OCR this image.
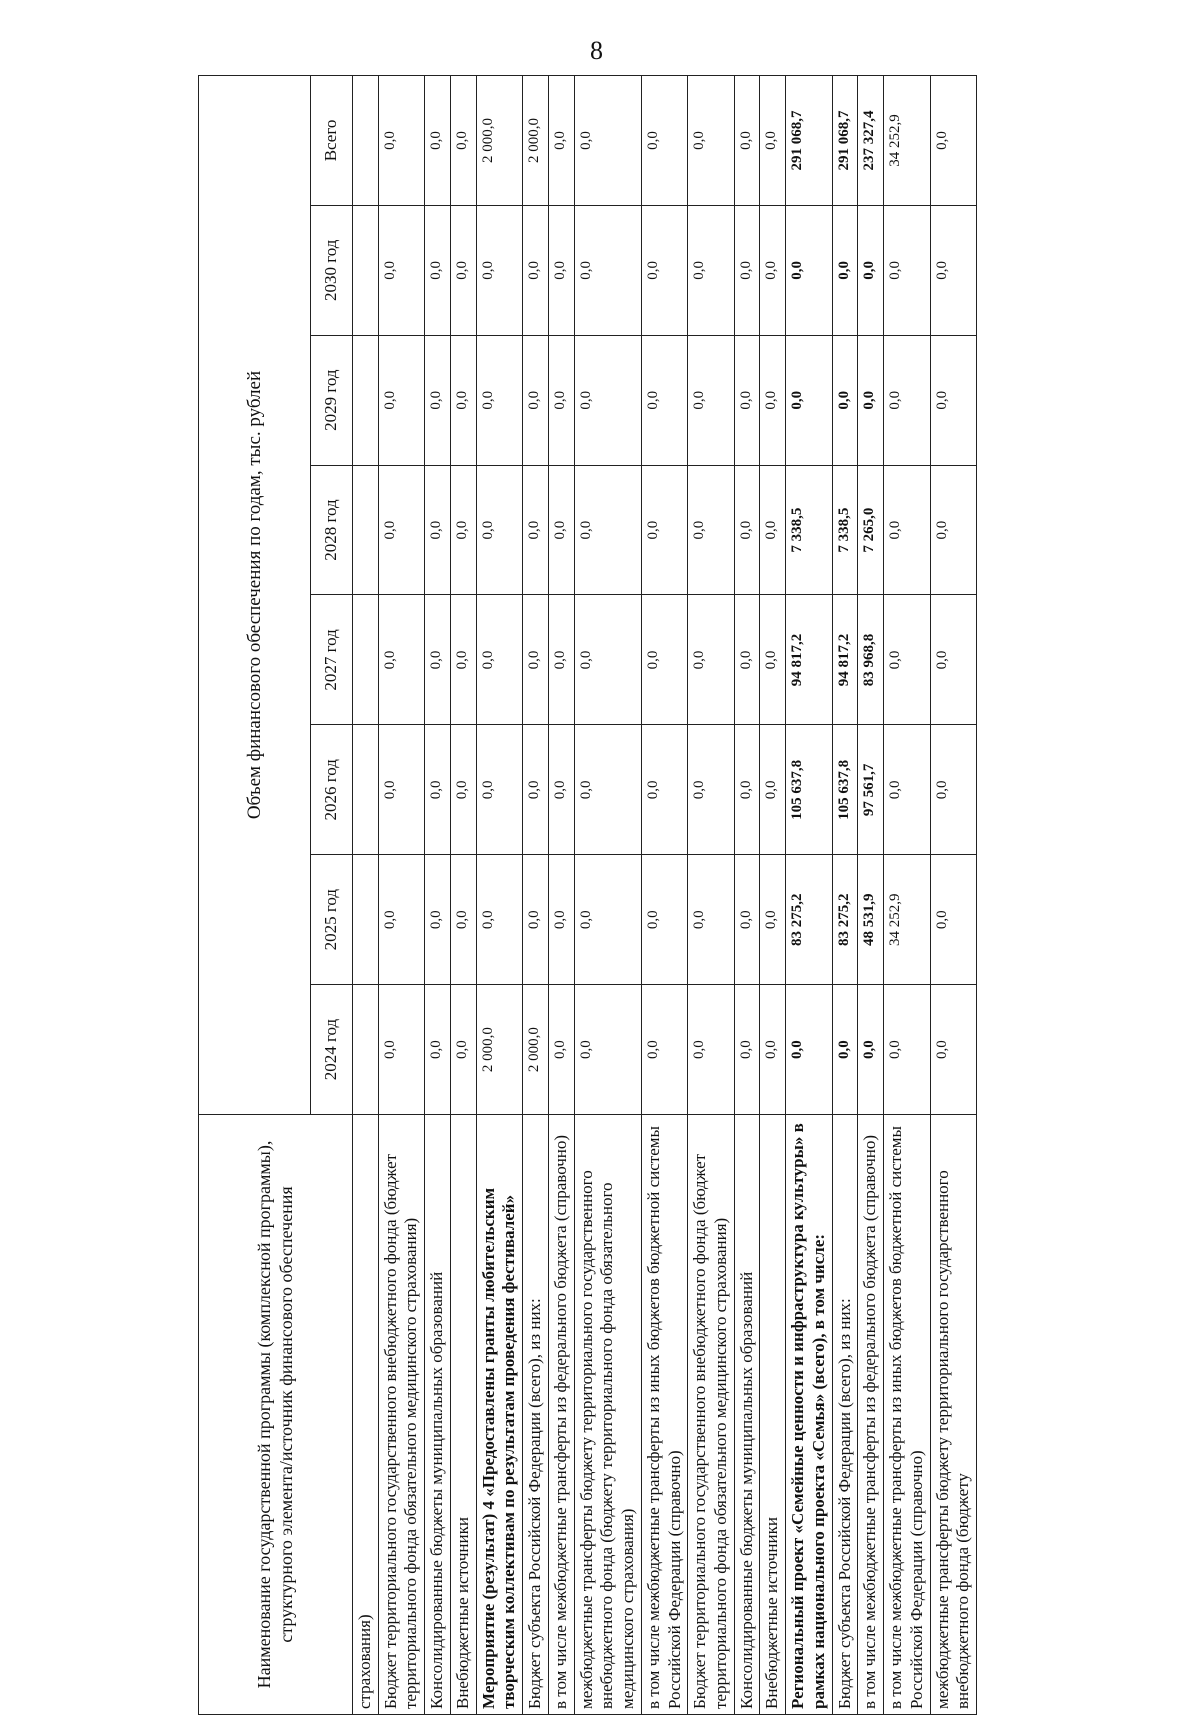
8
Наименование государственной программы (комплексной программы), структурного элемента/источник финансового обеспечения	Объем финансового обеспечения по годам, тыс. рублей							
	2024 год	2025 год	2026 год	2027 год	2028 год	2029 год	2030 год	Всего
страхования)								
Бюджет территориального государственного внебюджетного фонда (бюджет территориального фонда обязательного медицинского страхования)	0,0	0,0	0,0	0,0	0,0	0,0	0,0	0,0
Консолидированные бюджеты муниципальных образований	0,0	0,0	0,0	0,0	0,0	0,0	0,0	0,0
Внебюджетные источники	0,0	0,0	0,0	0,0	0,0	0,0	0,0	0,0
Мероприятие (результат) 4 «Предоставлены гранты любительским творческим коллективам по результатам проведения фестивалей»	2 000,0	0,0	0,0	0,0	0,0	0,0	0,0	2 000,0
Бюджет субъекта Российской Федерации (всего), из них:	2 000,0	0,0	0,0	0,0	0,0	0,0	0,0	2 000,0
в том числе межбюджетные трансферты из федерального бюджета (справочно)	0,0	0,0	0,0	0,0	0,0	0,0	0,0	0,0
межбюджетные трансферты бюджету территориального государственного внебюджетного фонда (бюджету территориального фонда обязательного медицинского страхования)	0,0	0,0	0,0	0,0	0,0	0,0	0,0	0,0
в том числе межбюджетные трансферты из иных бюджетов бюджетной системы Российской Федерации (справочно)	0,0	0,0	0,0	0,0	0,0	0,0	0,0	0,0
Бюджет территориального государственного внебюджетного фонда (бюджет территориального фонда обязательного медицинского страхования)	0,0	0,0	0,0	0,0	0,0	0,0	0,0	0,0
Консолидированные бюджеты муниципальных образований	0,0	0,0	0,0	0,0	0,0	0,0	0,0	0,0
Внебюджетные источники	0,0	0,0	0,0	0,0	0,0	0,0	0,0	0,0
Региональный проект «Семейные ценности и инфраструктура культуры» в рамках национального проекта «Семья» (всего), в том числе:	0,0	83 275,2	105 637,8	94 817,2	7 338,5	0,0	0,0	291 068,7
Бюджет субъекта Российской Федерации (всего), из них:	0,0	83 275,2	105 637,8	94 817,2	7 338,5	0,0	0,0	291 068,7
в том числе межбюджетные трансферты из федерального бюджета (справочно)	0,0	48 531,9	97 561,7	83 968,8	7 265,0	0,0	0,0	237 327,4
в том числе межбюджетные трансферты из иных бюджетов бюджетной системы Российской Федерации (справочно)	0,0	34 252,9	0,0	0,0	0,0	0,0	0,0	34 252,9
межбюджетные трансферты бюджету территориального государственного внебюджетного фонда (бюджету	0,0	0,0	0,0	0,0	0,0	0,0	0,0	0,0
